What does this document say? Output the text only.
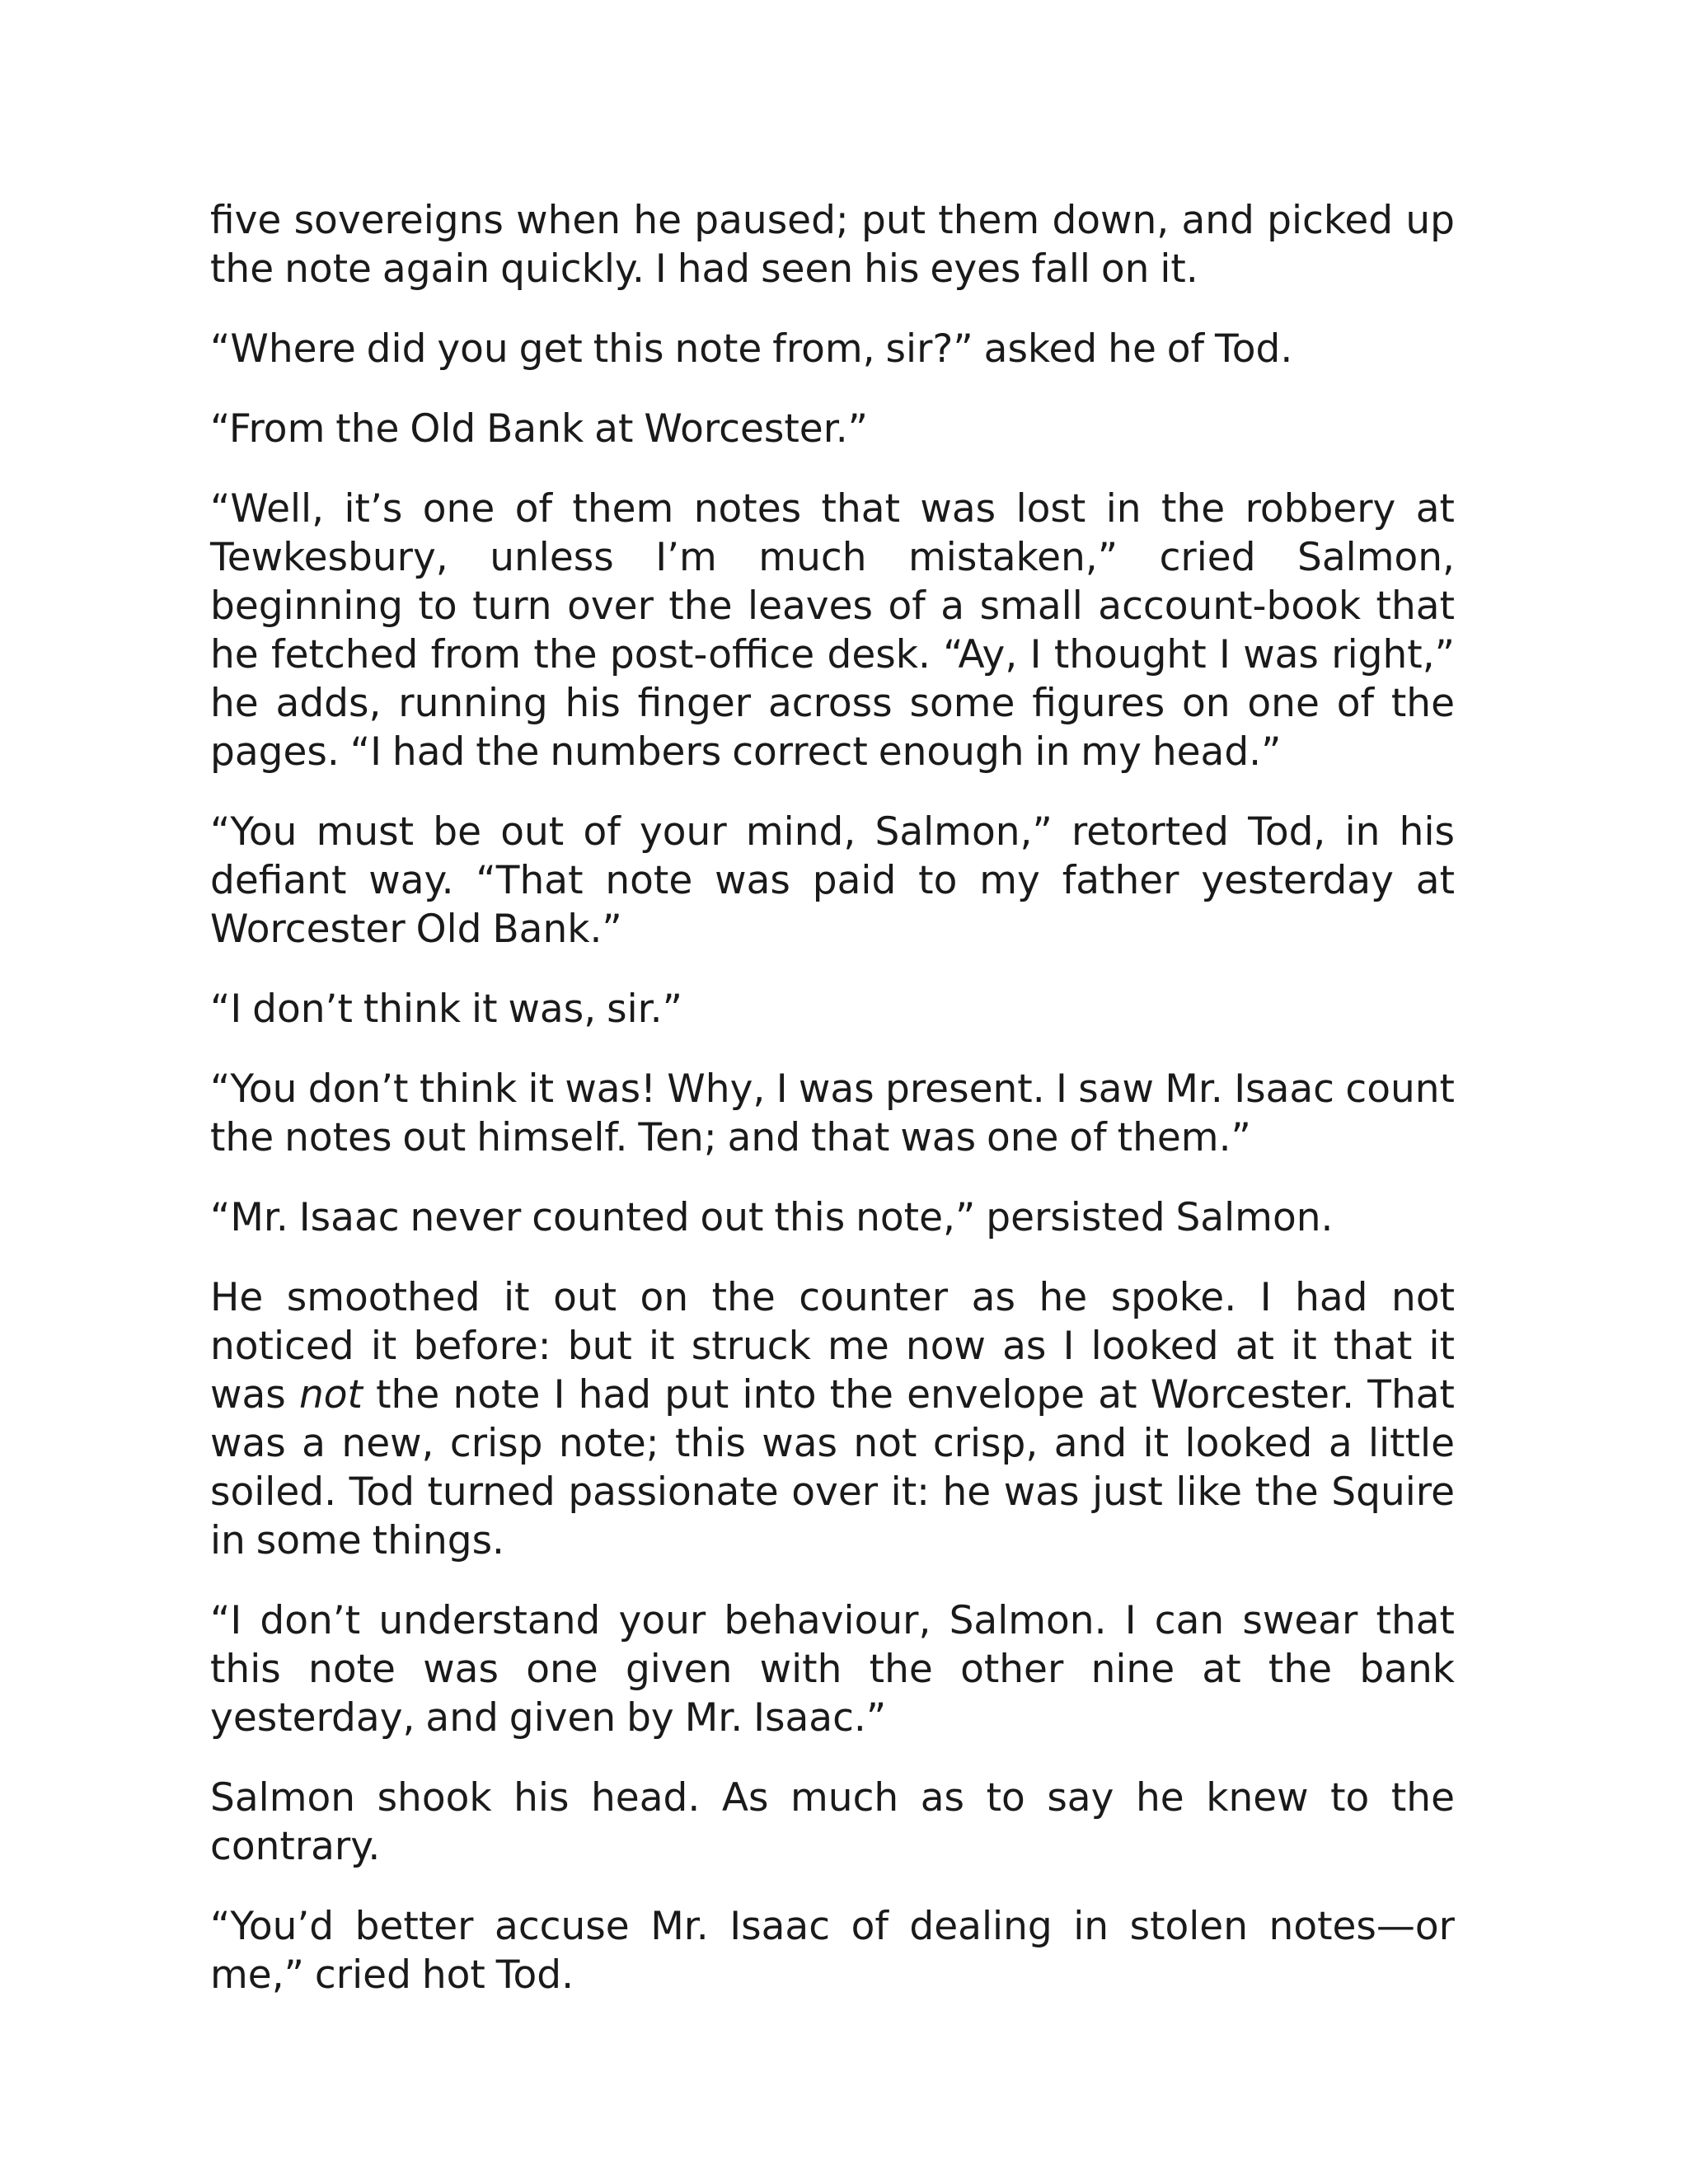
five sovereigns when he paused; put them down, and picked up the note again quickly. I had seen his eyes fall on it.

“Where did you get this note from, sir?” asked he of Tod.

“From the Old Bank at Worcester.”

“Well, it’s one of them notes that was lost in the robbery at Tewkesbury, unless I’m much mistaken,” cried Salmon, beginning to turn over the leaves of a small account-book that he fetched from the post-office desk. “Ay, I thought I was right,” he adds, running his finger across some figures on one of the pages. “I had the numbers correct enough in my head.”

“You must be out of your mind, Salmon,” retorted Tod, in his defiant way. “That note was paid to my father yesterday at Worcester Old Bank.”

“I don’t think it was, sir.”

“You don’t think it was! Why, I was present. I saw Mr. Isaac count the notes out himself. Ten; and that was one of them.”

“Mr. Isaac never counted out this note,” persisted Salmon.

He smoothed it out on the counter as he spoke. I had not noticed it before: but it struck me now as I looked at it that it was not the note I had put into the envelope at Worcester. That was a new, crisp note; this was not crisp, and it looked a little soiled. Tod turned passionate over it: he was just like the Squire in some things.

“I don’t understand your behaviour, Salmon. I can swear that this note was one given with the other nine at the bank yesterday, and given by Mr. Isaac.”

Salmon shook his head. As much as to say he knew to the contrary.

“You’d better accuse Mr. Isaac of dealing in stolen notes—or me,” cried hot Tod.
